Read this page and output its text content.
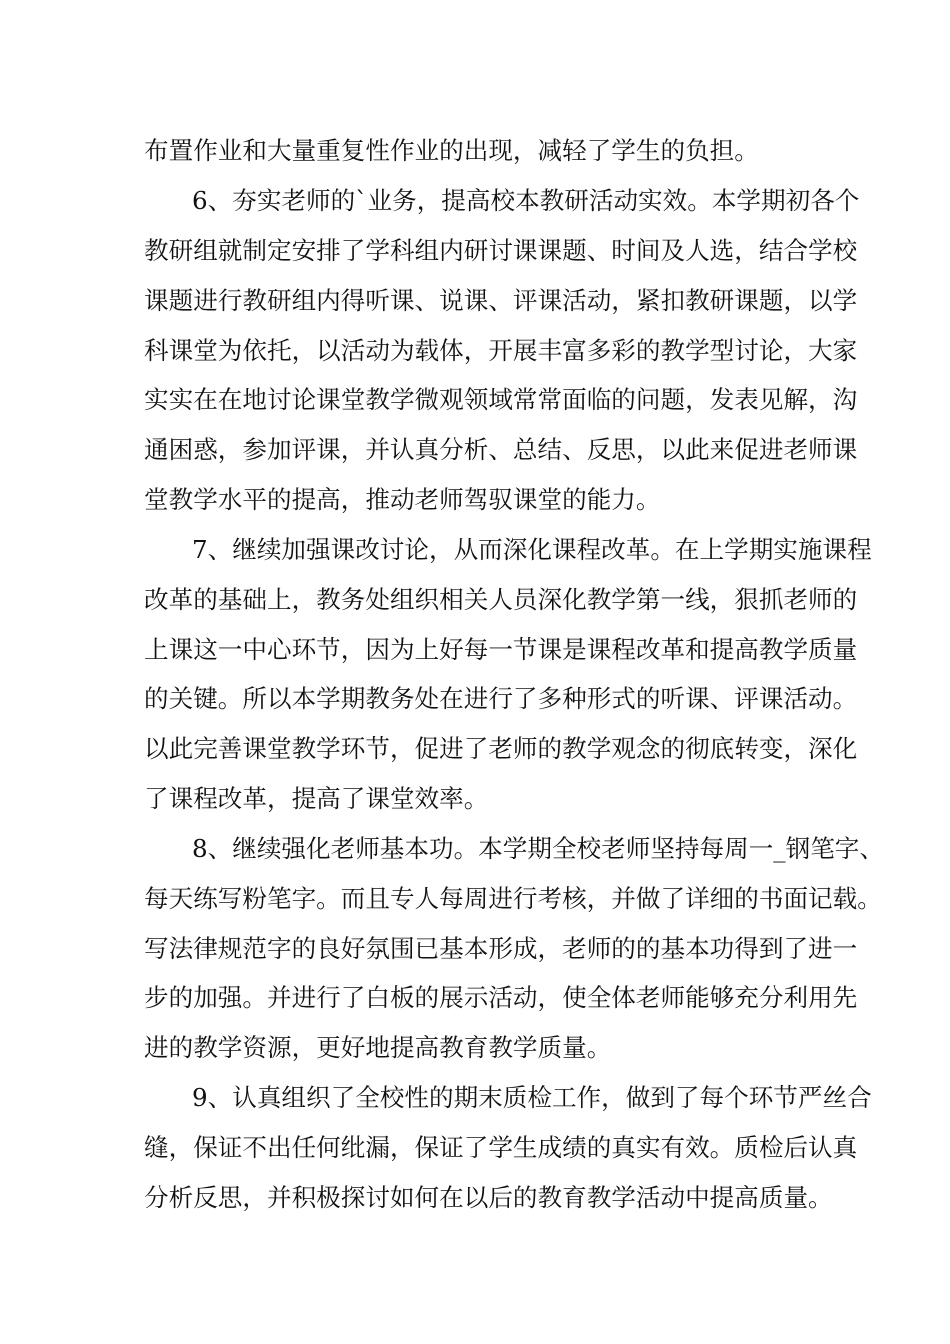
布置作业和大量重复性作业的出现，减轻了学生的负担。
6、夯实老师的`业务，提高校本教研活动实效。本学期初各个
教研组就制定安排了学科组内研讨课课题、时间及人选，结合学校
课题进行教研组内得听课、说课、评课活动，紧扣教研课题，以学
科课堂为依托，以活动为载体，开展丰富多彩的教学型讨论，大家
实实在在地讨论课堂教学微观领域常常面临的问题，发表见解，沟
通困惑，参加评课，并认真分析、总结、反思，以此来促进老师课
堂教学水平的提高，推动老师驾驭课堂的能力。
7、继续加强课改讨论，从而深化课程改革。在上学期实施课程
改革的基础上，教务处组织相关人员深化教学第一线，狠抓老师的
上课这一中心环节，因为上好每一节课是课程改革和提高教学质量
的关键。所以本学期教务处在进行了多种形式的听课、评课活动。
以此完善课堂教学环节，促进了老师的教学观念的彻底转变，深化
了课程改革，提高了课堂效率。
8、继续强化老师基本功。本学期全校老师坚持每周一_钢笔字、
每天练写粉笔字。而且专人每周进行考核，并做了详细的书面记载。
写法律规范字的良好氛围已基本形成，老师的的基本功得到了进一
步的加强。并进行了白板的展示活动，使全体老师能够充分利用先
进的教学资源，更好地提高教育教学质量。
9、认真组织了全校性的期末质检工作，做到了每个环节严丝合
缝，保证不出任何纰漏，保证了学生成绩的真实有效。质检后认真
分析反思，并积极探讨如何在以后的教育教学活动中提高质量。
